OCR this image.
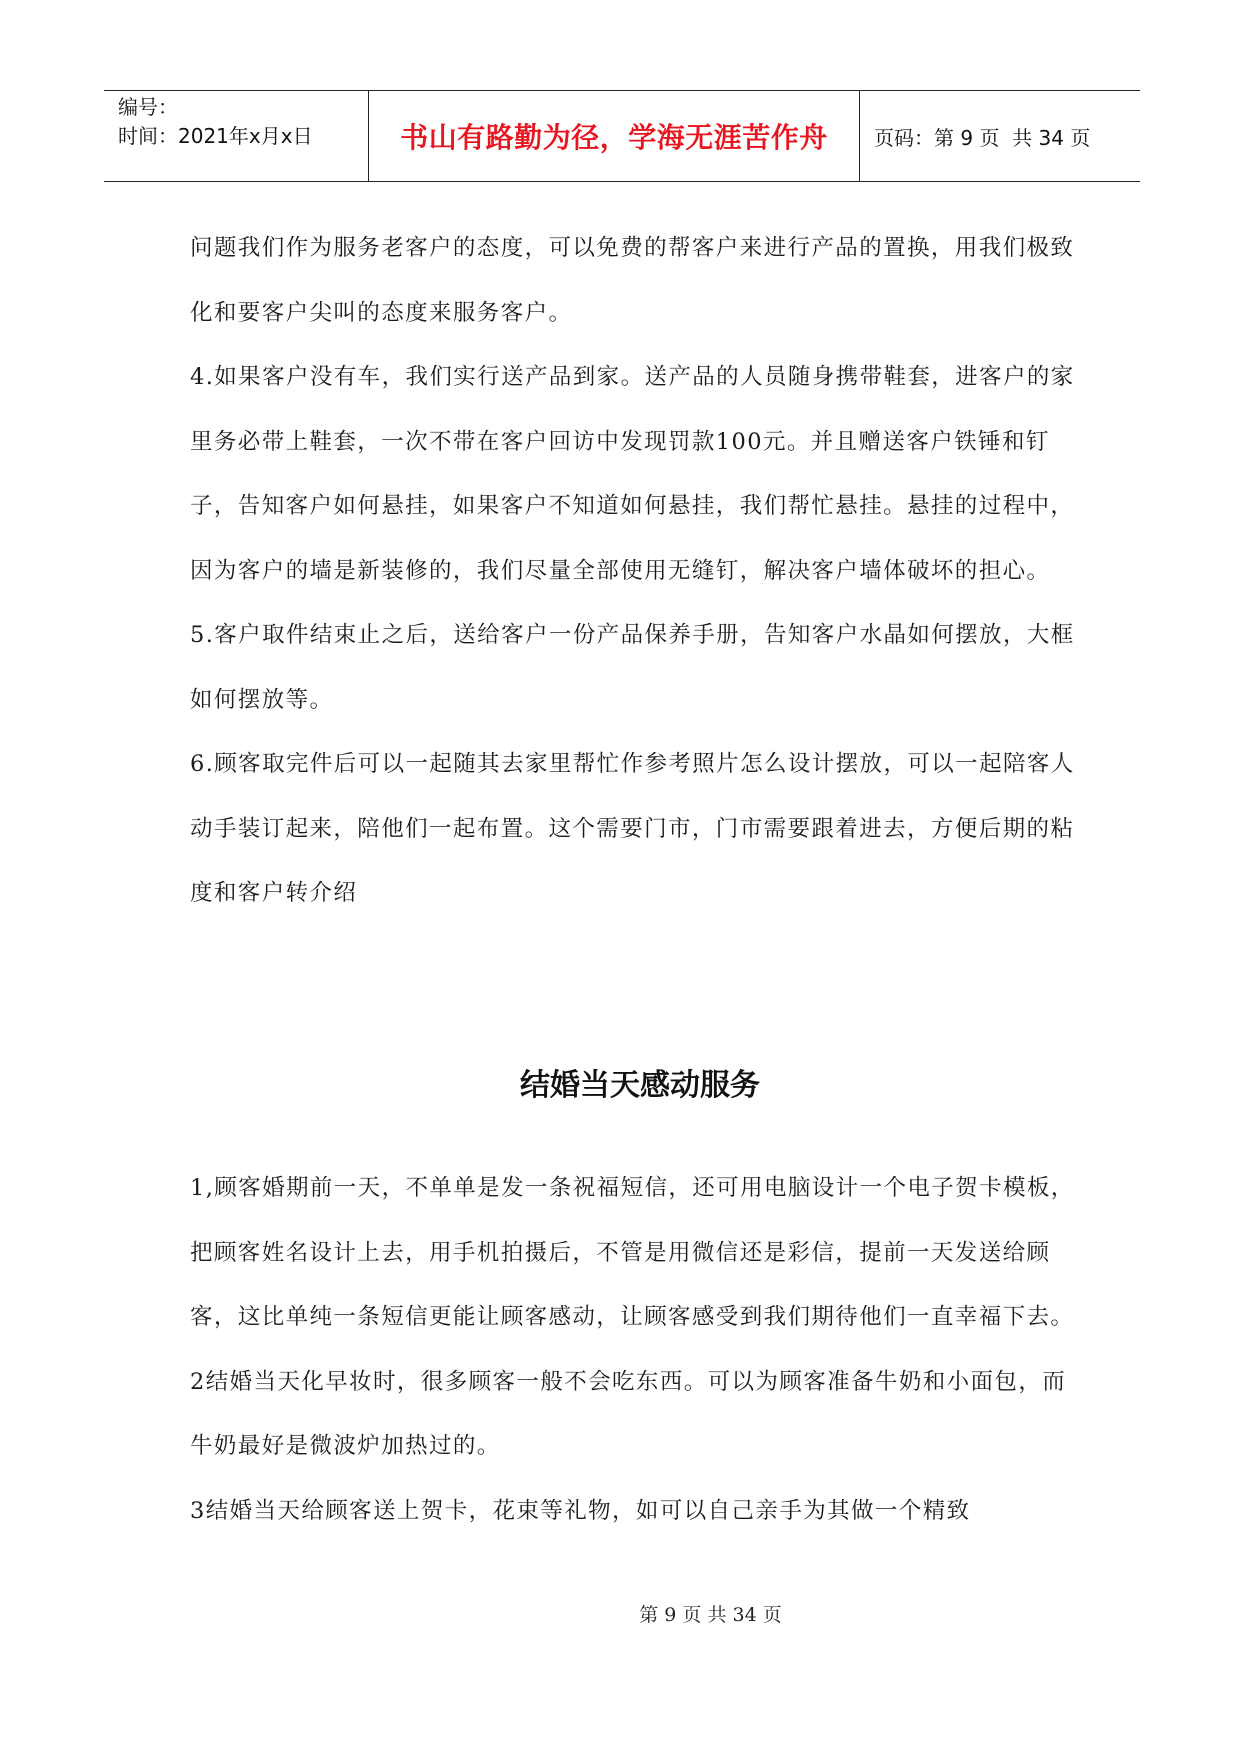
编号：
时间：2021年x月x日	书山有路勤为径，学海无涯苦作舟	页码：第 9 页  共 34 页

问题我们作为服务老客户的态度，可以免费的帮客户来进行产品的置换，用我们极致化和要客户尖叫的态度来服务客户。

4.如果客户没有车，我们实行送产品到家。送产品的人员随身携带鞋套，进客户的家里务必带上鞋套，一次不带在客户回访中发现罚款100元。并且赠送客户铁锤和钉子，告知客户如何悬挂，如果客户不知道如何悬挂，我们帮忙悬挂。悬挂的过程中，因为客户的墙是新装修的，我们尽量全部使用无缝钉，解决客户墙体破坏的担心。

5.客户取件结束止之后，送给客户一份产品保养手册，告知客户水晶如何摆放，大框如何摆放等。

6.顾客取完件后可以一起随其去家里帮忙作参考照片怎么设计摆放，可以一起陪客人动手装订起来，陪他们一起布置。这个需要门市，门市需要跟着进去，方便后期的粘度和客户转介绍

结婚当天感动服务

1,顾客婚期前一天，不单单是发一条祝福短信，还可用电脑设计一个电子贺卡模板，把顾客姓名设计上去，用手机拍摄后，不管是用微信还是彩信，提前一天发送给顾客，这比单纯一条短信更能让顾客感动，让顾客感受到我们期待他们一直幸福下去。

2结婚当天化早妆时，很多顾客一般不会吃东西。可以为顾客准备牛奶和小面包，而牛奶最好是微波炉加热过的。

3结婚当天给顾客送上贺卡，花束等礼物，如可以自己亲手为其做一个精致

第 9 页 共 34 页
